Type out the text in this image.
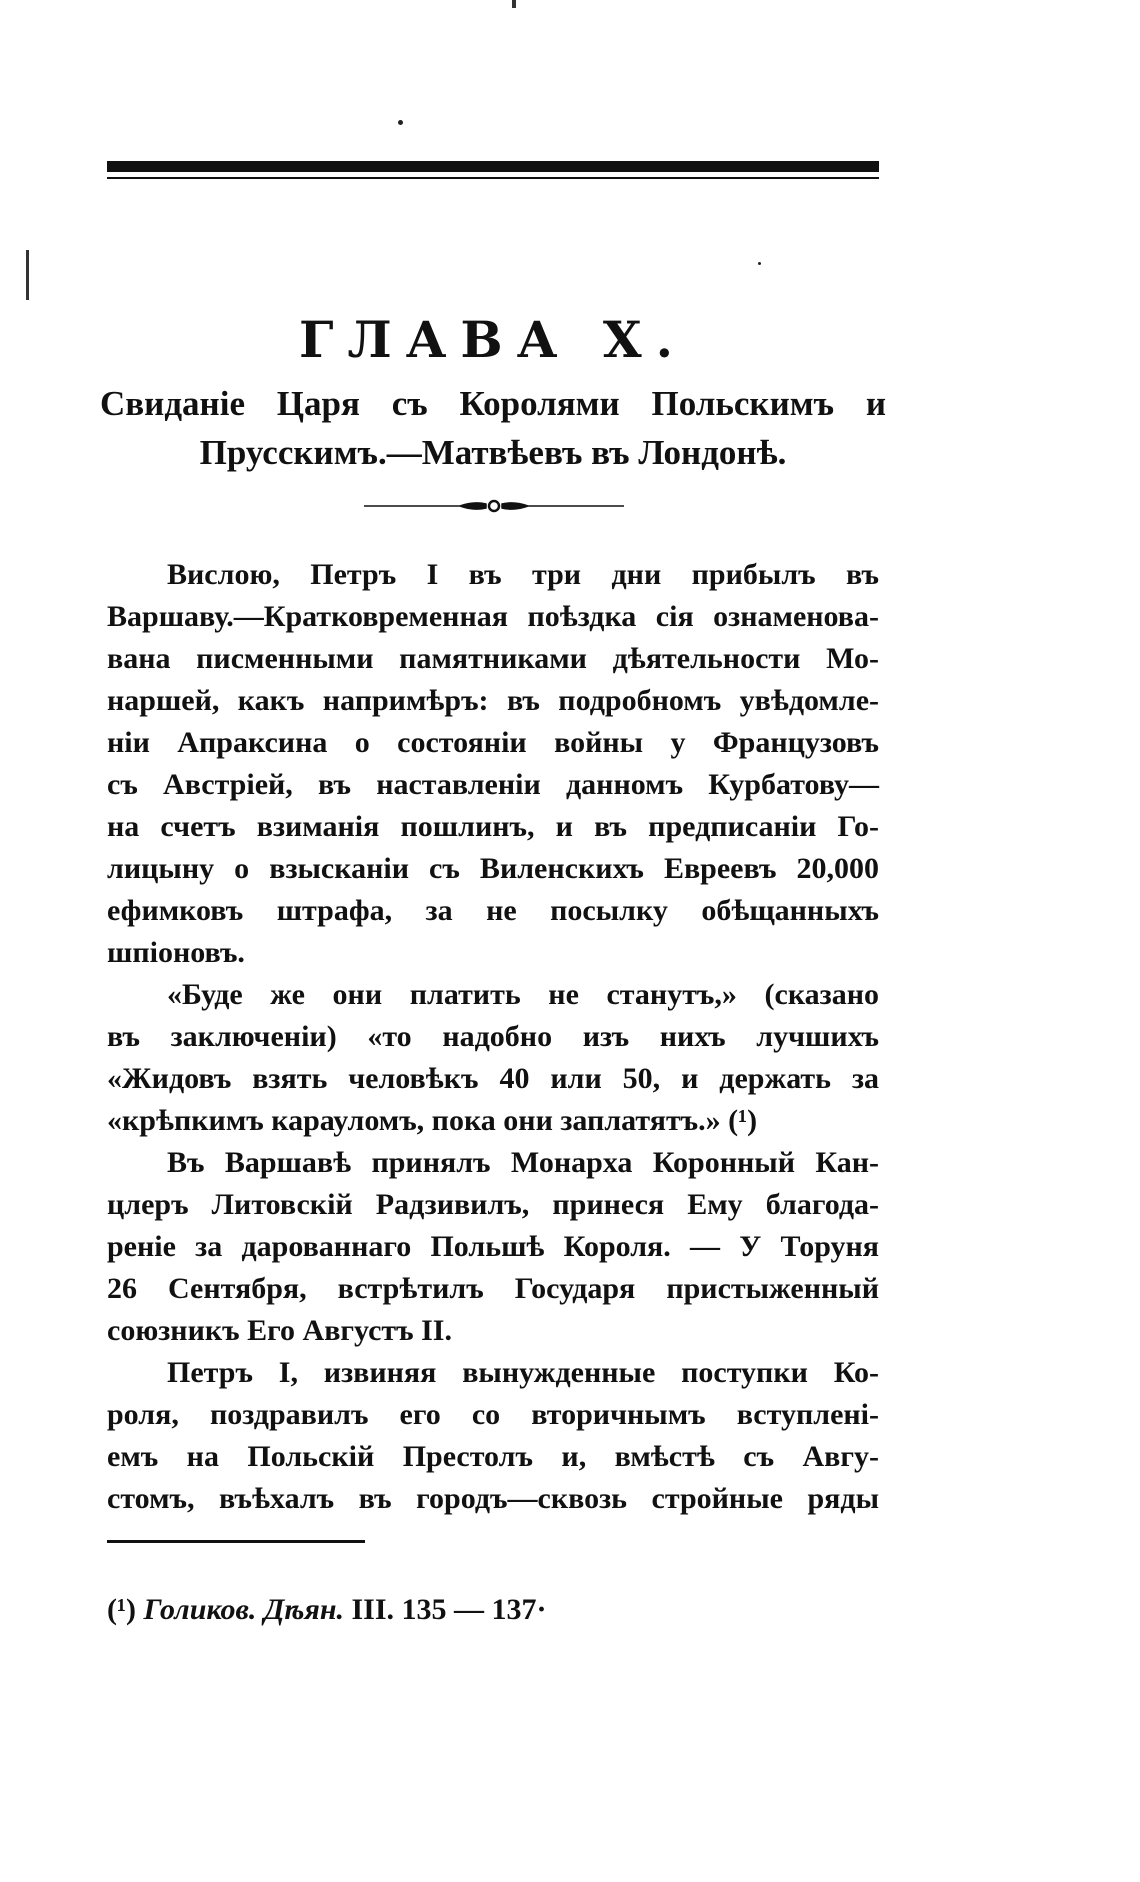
ГЛАВА X.
Свиданіе Царя съ Королями Польскимъ и
Прусскимъ.—Матвѣевъ въ Лондонѣ.
Вислою, Петръ I въ три дни прибылъ въ
Варшаву.—Кратковременная поѣздка сія ознаменова-
вана писменными памятниками дѣятельности Мо-
наршей, какъ напримѣръ: въ подробномъ увѣдомле-
ніи Апраксина о состояніи войны у Французовъ
съ Австріей, въ наставленіи данномъ Курбатову—
на счетъ взиманія пошлинъ, и въ предписаніи Го-
лицыну о взысканіи съ Виленскихъ Евреевъ 20,000
ефимковъ штрафа, за не посылку обѣщанныхъ
шпіоновъ.
«Буде же они платить не станутъ,» (сказано
въ заключеніи) «то надобно изъ нихъ лучшихъ
«Жидовъ взять человѣкъ 40 или 50, и держать за
«крѣпкимъ карауломъ, пока они заплатятъ.» (¹)
Въ Варшавѣ принялъ Монарха Коронный Кан-
цлеръ Литовскій Радзивилъ, принеся Ему благода-
реніе за дарованнаго Польшѣ Короля. — У Торуня
26 Сентября, встрѣтилъ Государя пристыженный
союзникъ Его Августъ II.
Петръ I, извиняя вынужденные поступки Ко-
роля, поздравилъ его со вторичнымъ вступлені-
емъ на Польскій Престолъ и, вмѣстѣ съ Авгу-
стомъ, въѣхалъ въ городъ—сквозь стройные ряды
(¹) Голиков. Дѣян. III. 135 — 137·
